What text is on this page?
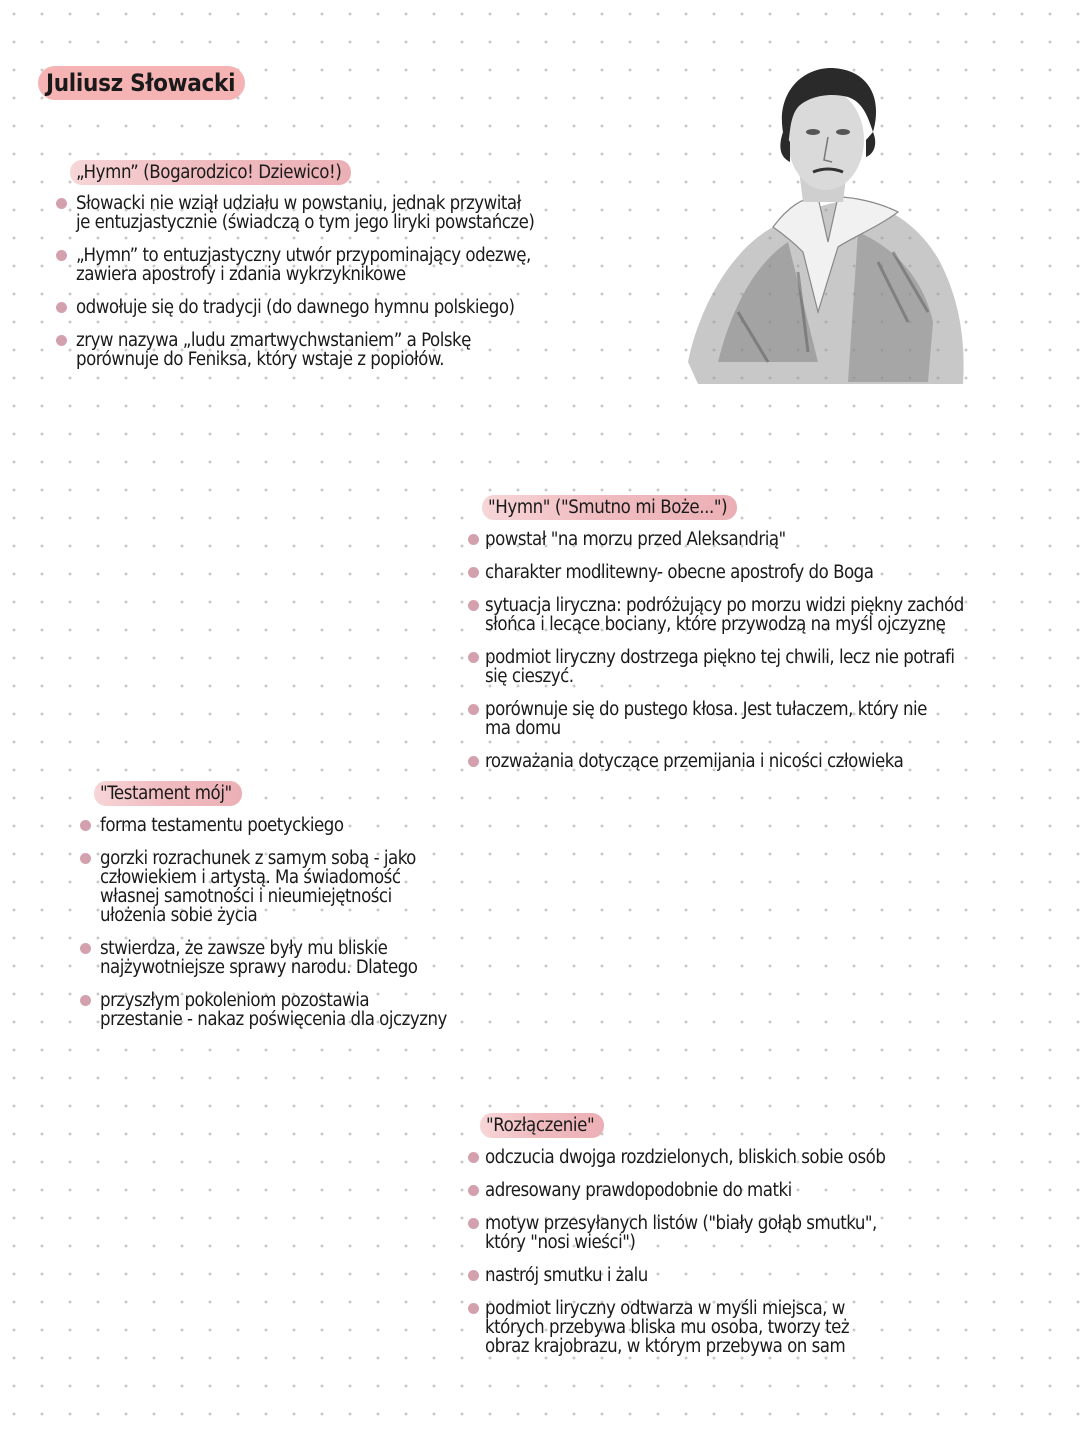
Juliusz Słowacki
„Hymn” (Bogarodzico! Dziewico!)
Słowacki nie wziął udziału w powstaniu, jednak przywitał
je entuzjastycznie (świadczą o tym jego liryki powstańcze)
„Hymn” to entuzjastyczny utwór przypominający odezwę,
zawiera apostrofy i zdania wykrzyknikowe
odwołuje się do tradycji (do dawnego hymnu polskiego)
zryw nazywa „ludu zmartwychwstaniem” a Polskę
porównuje do Feniksa, który wstaje z popiołów.
"Hymn" ("Smutno mi Boże...")
powstał "na morzu przed Aleksandrią"
charakter modlitewny- obecne apostrofy do Boga
sytuacja liryczna: podróżujący po morzu widzi piękny zachód
słońca i lecące bociany, które przywodzą na myśl ojczyznę
podmiot liryczny dostrzega piękno tej chwili, lecz nie potrafi
się cieszyć.
porównuje się do pustego kłosa. Jest tułaczem, który nie
ma domu
rozważania dotyczące przemijania i nicości człowieka
"Testament mój"
forma testamentu poetyckiego
gorzki rozrachunek z samym sobą - jako
człowiekiem i artystą. Ma świadomość
własnej samotności i nieumiejętności
ułożenia sobie życia
stwierdza, że zawsze były mu bliskie
najżywotniejsze sprawy narodu. Dlatego
przyszłym pokoleniom pozostawia
przestanie - nakaz poświęcenia dla ojczyzny
"Rozłączenie"
odczucia dwojga rozdzielonych, bliskich sobie osób
adresowany prawdopodobnie do matki
motyw przesyłanych listów ("biały gołąb smutku",
który "nosi wieści")
nastrój smutku i żalu
podmiot liryczny odtwarza w myśli miejsca, w
których przebywa bliska mu osoba, tworzy też
obraz krajobrazu, w którym przebywa on sam
